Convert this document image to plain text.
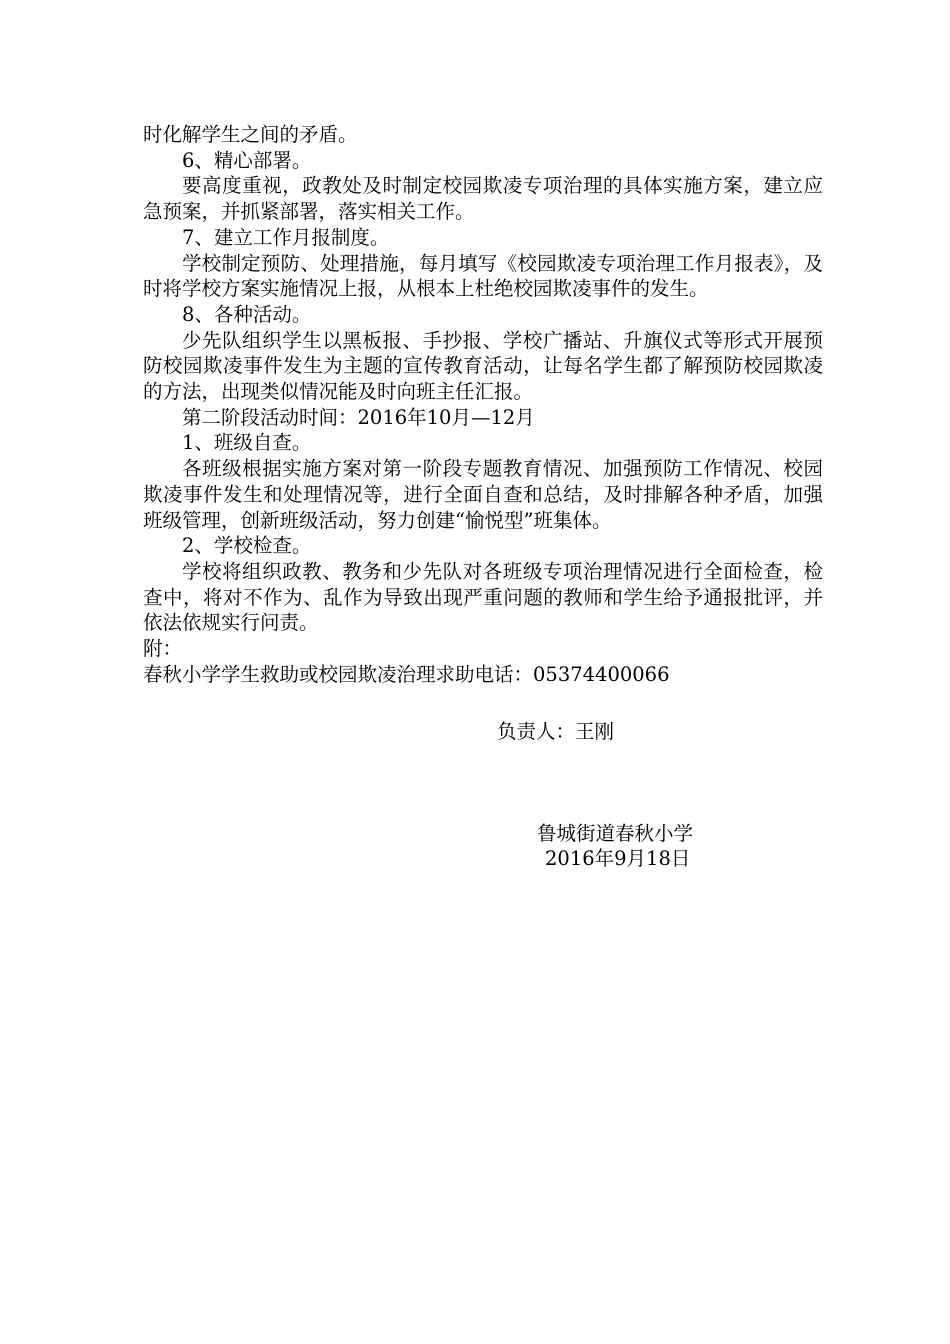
时化解学生之间的矛盾。

6、精心部署。

要高度重视，政教处及时制定校园欺凌专项治理的具体实施方案，建立应急预案，并抓紧部署，落实相关工作。

7、建立工作月报制度。

学校制定预防、处理措施，每月填写《校园欺凌专项治理工作月报表》，及时将学校方案实施情况上报，从根本上杜绝校园欺凌事件的发生。

8、各种活动。

少先队组织学生以黑板报、手抄报、学校广播站、升旗仪式等形式开展预防校园欺凌事件发生为主题的宣传教育活动，让每名学生都了解预防校园欺凌的方法，出现类似情况能及时向班主任汇报。

第二阶段活动时间：2016年10月—12月

1、班级自查。

各班级根据实施方案对第一阶段专题教育情况、加强预防工作情况、校园欺凌事件发生和处理情况等，进行全面自查和总结，及时排解各种矛盾，加强班级管理，创新班级活动，努力创建“愉悦型”班集体。

2、学校检查。

学校将组织政教、教务和少先队对各班级专项治理情况进行全面检查，检查中，将对不作为、乱作为导致出现严重问题的教师和学生给予通报批评，并依法依规实行问责。

附：

春秋小学学生救助或校园欺凌治理求助电话：05374400066

负责人：王刚
鲁城街道春秋小学
2016年9月18日
